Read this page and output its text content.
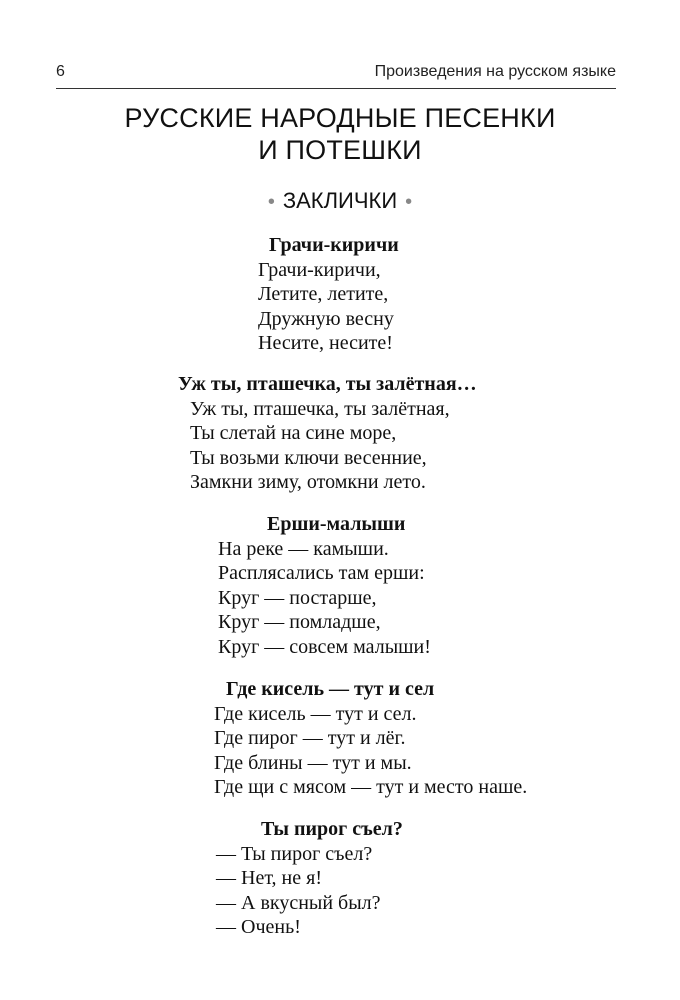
6	Произведения на русском языке
РУССКИЕ НАРОДНЫЕ ПЕСЕНКИ
И ПОТЕШКИ
• ЗАКЛИЧКИ •
Грачи-киричи
Грачи-киричи,
Летите, летите,
Дружную весну
Несите, несите!
Уж ты, пташечка, ты залётная…
Уж ты, пташечка, ты залётная,
Ты слетай на сине море,
Ты возьми ключи весенние,
Замкни зиму, отомкни лето.
Ерши-малыши
На реке — камыши.
Расплясались там ерши:
Круг — постарше,
Круг — помладше,
Круг — совсем малыши!
Где кисель — тут и сел
Где кисель — тут и сел.
Где пирог — тут и лёг.
Где блины — тут и мы.
Где щи с мясом — тут и место наше.
Ты пирог съел?
— Ты пирог съел?
— Нет, не я!
— А вкусный был?
— Очень!
